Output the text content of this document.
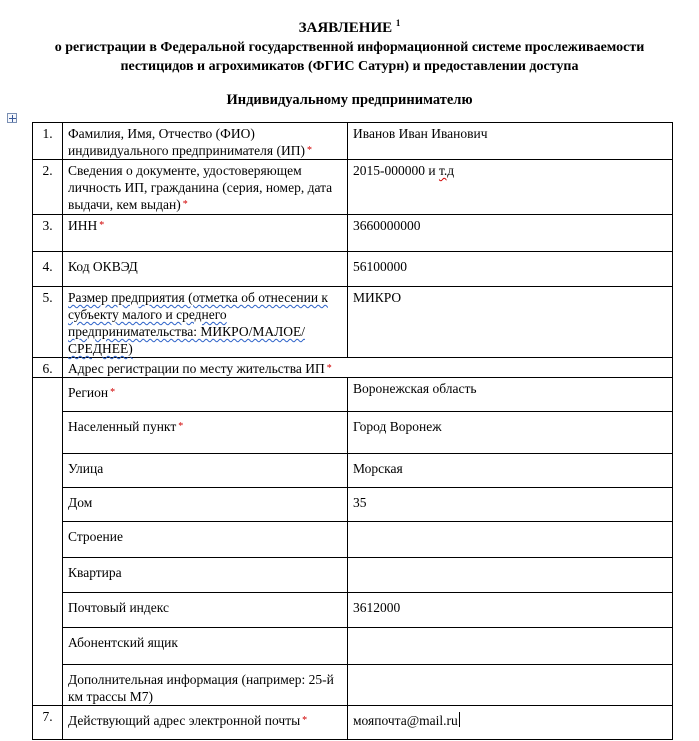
ЗАЯВЛЕНИЕ $^1$
о регистрации в Федеральной государственной информационной системе прослеживаемости
пестицидов и агрохимикатов (ФГИС Сатурн) и предоставлении доступа
Индивидуальному предпринимателю
1.	Фамилия, Имя, Отчество (ФИО) индивидуального предпринимателя (ИП) *	Иванов Иван Иванович
2.	Сведения о документе, удостоверяющем личность ИП, гражданина (серия, номер, дата выдачи, кем выдан) *	2015-000000 и т.д
3.	ИНН *	3660000000
4.	Код ОКВЭД	56100000
5.	Размер предприятия (отметка об отнесении к субъекту малого и среднего предпринимательства: МИКРО/МАЛОЕ/СРЕДНЕЕ)	МИКРО
6.	Адрес регистрации по месту жительства ИП *
	Регион *	Воронежская область
	Населенный пункт *	Город Воронеж
	Улица	Морская
	Дом	35
	Строение	
	Квартира	
	Почтовый индекс	3612000
	Абонентский ящик	
	Дополнительная информация (например: 25-й км трассы М7)	
7.	Действующий адрес электронной почты *	мояпочта@mail.ru
